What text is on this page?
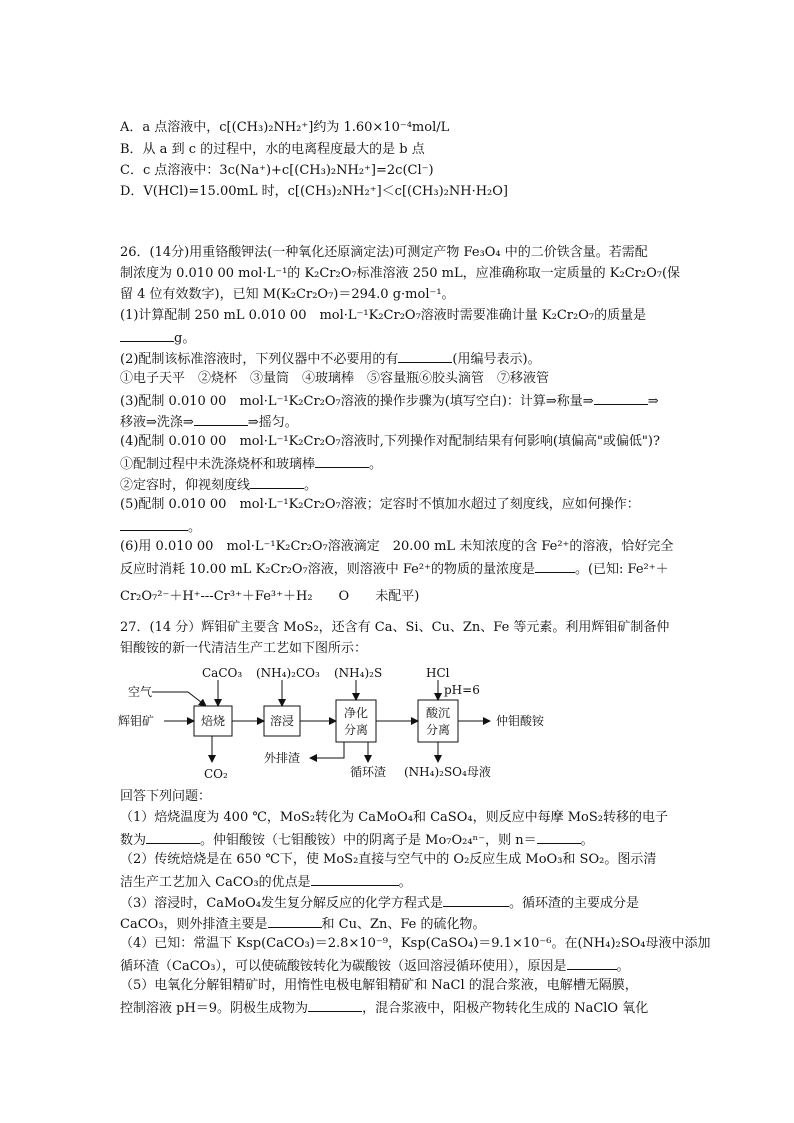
A．a 点溶液中，c[(CH₃)₂NH₂⁺]约为 1.60×10⁻⁴mol/L
B．从 a 到 c 的过程中，水的电离程度最大的是 b 点
C．c 点溶液中：3c(Na⁺)+c[(CH₃)₂NH₂⁺]=2c(Cl⁻)
D．V(HCl)=15.00mL 时，c[(CH₃)₂NH₂⁺]＜c[(CH₃)₂NH·H₂O]
26．(14分)用重铬酸钾法(一种氧化还原滴定法)可测定产物 Fe₃O₄ 中的二价铁含量。若需配
制浓度为 0.010 00 mol·L⁻¹的 K₂Cr₂O₇标准溶液 250 mL，应准确称取一定质量的 K₂Cr₂O₇(保
留 4 位有效数字)，已知 M(K₂Cr₂O₇)＝294.0 g·mol⁻¹。
(1)计算配制 250 mL 0.010 00　mol·L⁻¹K₂Cr₂O₇溶液时需要准确计量 K₂Cr₂O₇的质量是
g。
(2)配制该标准溶液时，下列仪器中不必要用的有	(用编号表示)。
①电子天平　②烧杯　③量筒　④玻璃棒　⑤容量瓶⑥胶头滴管　⑦移液管
(3)配制 0.010 00　mol·L⁻¹K₂Cr₂O₇溶液的操作步骤为(填写空白)：计算⇒称量⇒	⇒
移液⇒洗涤⇒	⇒摇匀。
(4)配制 0.010 00　mol·L⁻¹K₂Cr₂O₇溶液时,下列操作对配制结果有何影响(填偏高"或偏低")?
①配制过程中未洗涤烧杯和玻璃棒	。
②定容时，仰视刻度线	。
(5)配制 0.010 00　mol·L⁻¹K₂Cr₂O₇溶液；定容时不慎加水超过了刻度线，应如何操作：
。
(6)用 0.010 00　mol·L⁻¹K₂Cr₂O₇溶液滴定　20.00 mL 未知浓度的含 Fe²⁺的溶液，恰好完全
反应时消耗 10.00 mL K₂Cr₂O₇溶液，则溶液中 Fe²⁺的物质的量浓度是	。(已知: Fe²⁺＋
Cr₂O₇²⁻＋H⁺---Cr³⁺＋Fe³⁺＋H₂　　O　　未配平)
27．(14 分）辉钼矿主要含 MoS₂，还含有 Ca、Si、Cu、Zn、Fe 等元素。利用辉钼矿制备仲
钼酸铵的新一代清洁生产工艺如下图所示：
辉钼矿
空气
CaCO₃ (NH₄)₂CO₃ (NH₄)₂S	HCl
pH=6
焙烧	溶浸
净化
分离
酸沉
分离
仲钼酸铵
CO₂
外排渣
循环渣 (NH₄)₂SO₄母液
回答下列问题：
（1）焙烧温度为 400 ℃，MoS₂转化为 CaMoO₄和 CaSO₄，则反应中每摩 MoS₂转移的电子
数为	。仲钼酸铵（七钼酸铵）中的阴离子是 Mo₇O₂₄ⁿ⁻，则 n＝	。
（2）传统焙烧是在 650 ℃下，使 MoS₂直接与空气中的 O₂反应生成 MoO₃和 SO₂。图示清
洁生产工艺加入 CaCO₃的优点是	。
（3）溶浸时，CaMoO₄发生复分解反应的化学方程式是	。循环渣的主要成分是
CaCO₃，则外排渣主要是	和 Cu、Zn、Fe 的硫化物。
（4）已知：常温下 Ksp(CaCO₃)＝2.8×10⁻⁹，Ksp(CaSO₄)＝9.1×10⁻⁶。在(NH₄)₂SO₄母液中添加
循环渣（CaCO₃），可以使硫酸铵转化为碳酸铵（返回溶浸循环使用），原因是	。
（5）电氧化分解钼精矿时，用惰性电极电解钼精矿和 NaCl 的混合浆液，电解槽无隔膜，
控制溶液 pH＝9。阴极生成物为	，混合浆液中，阳极产物转化生成的 NaClO 氧化
